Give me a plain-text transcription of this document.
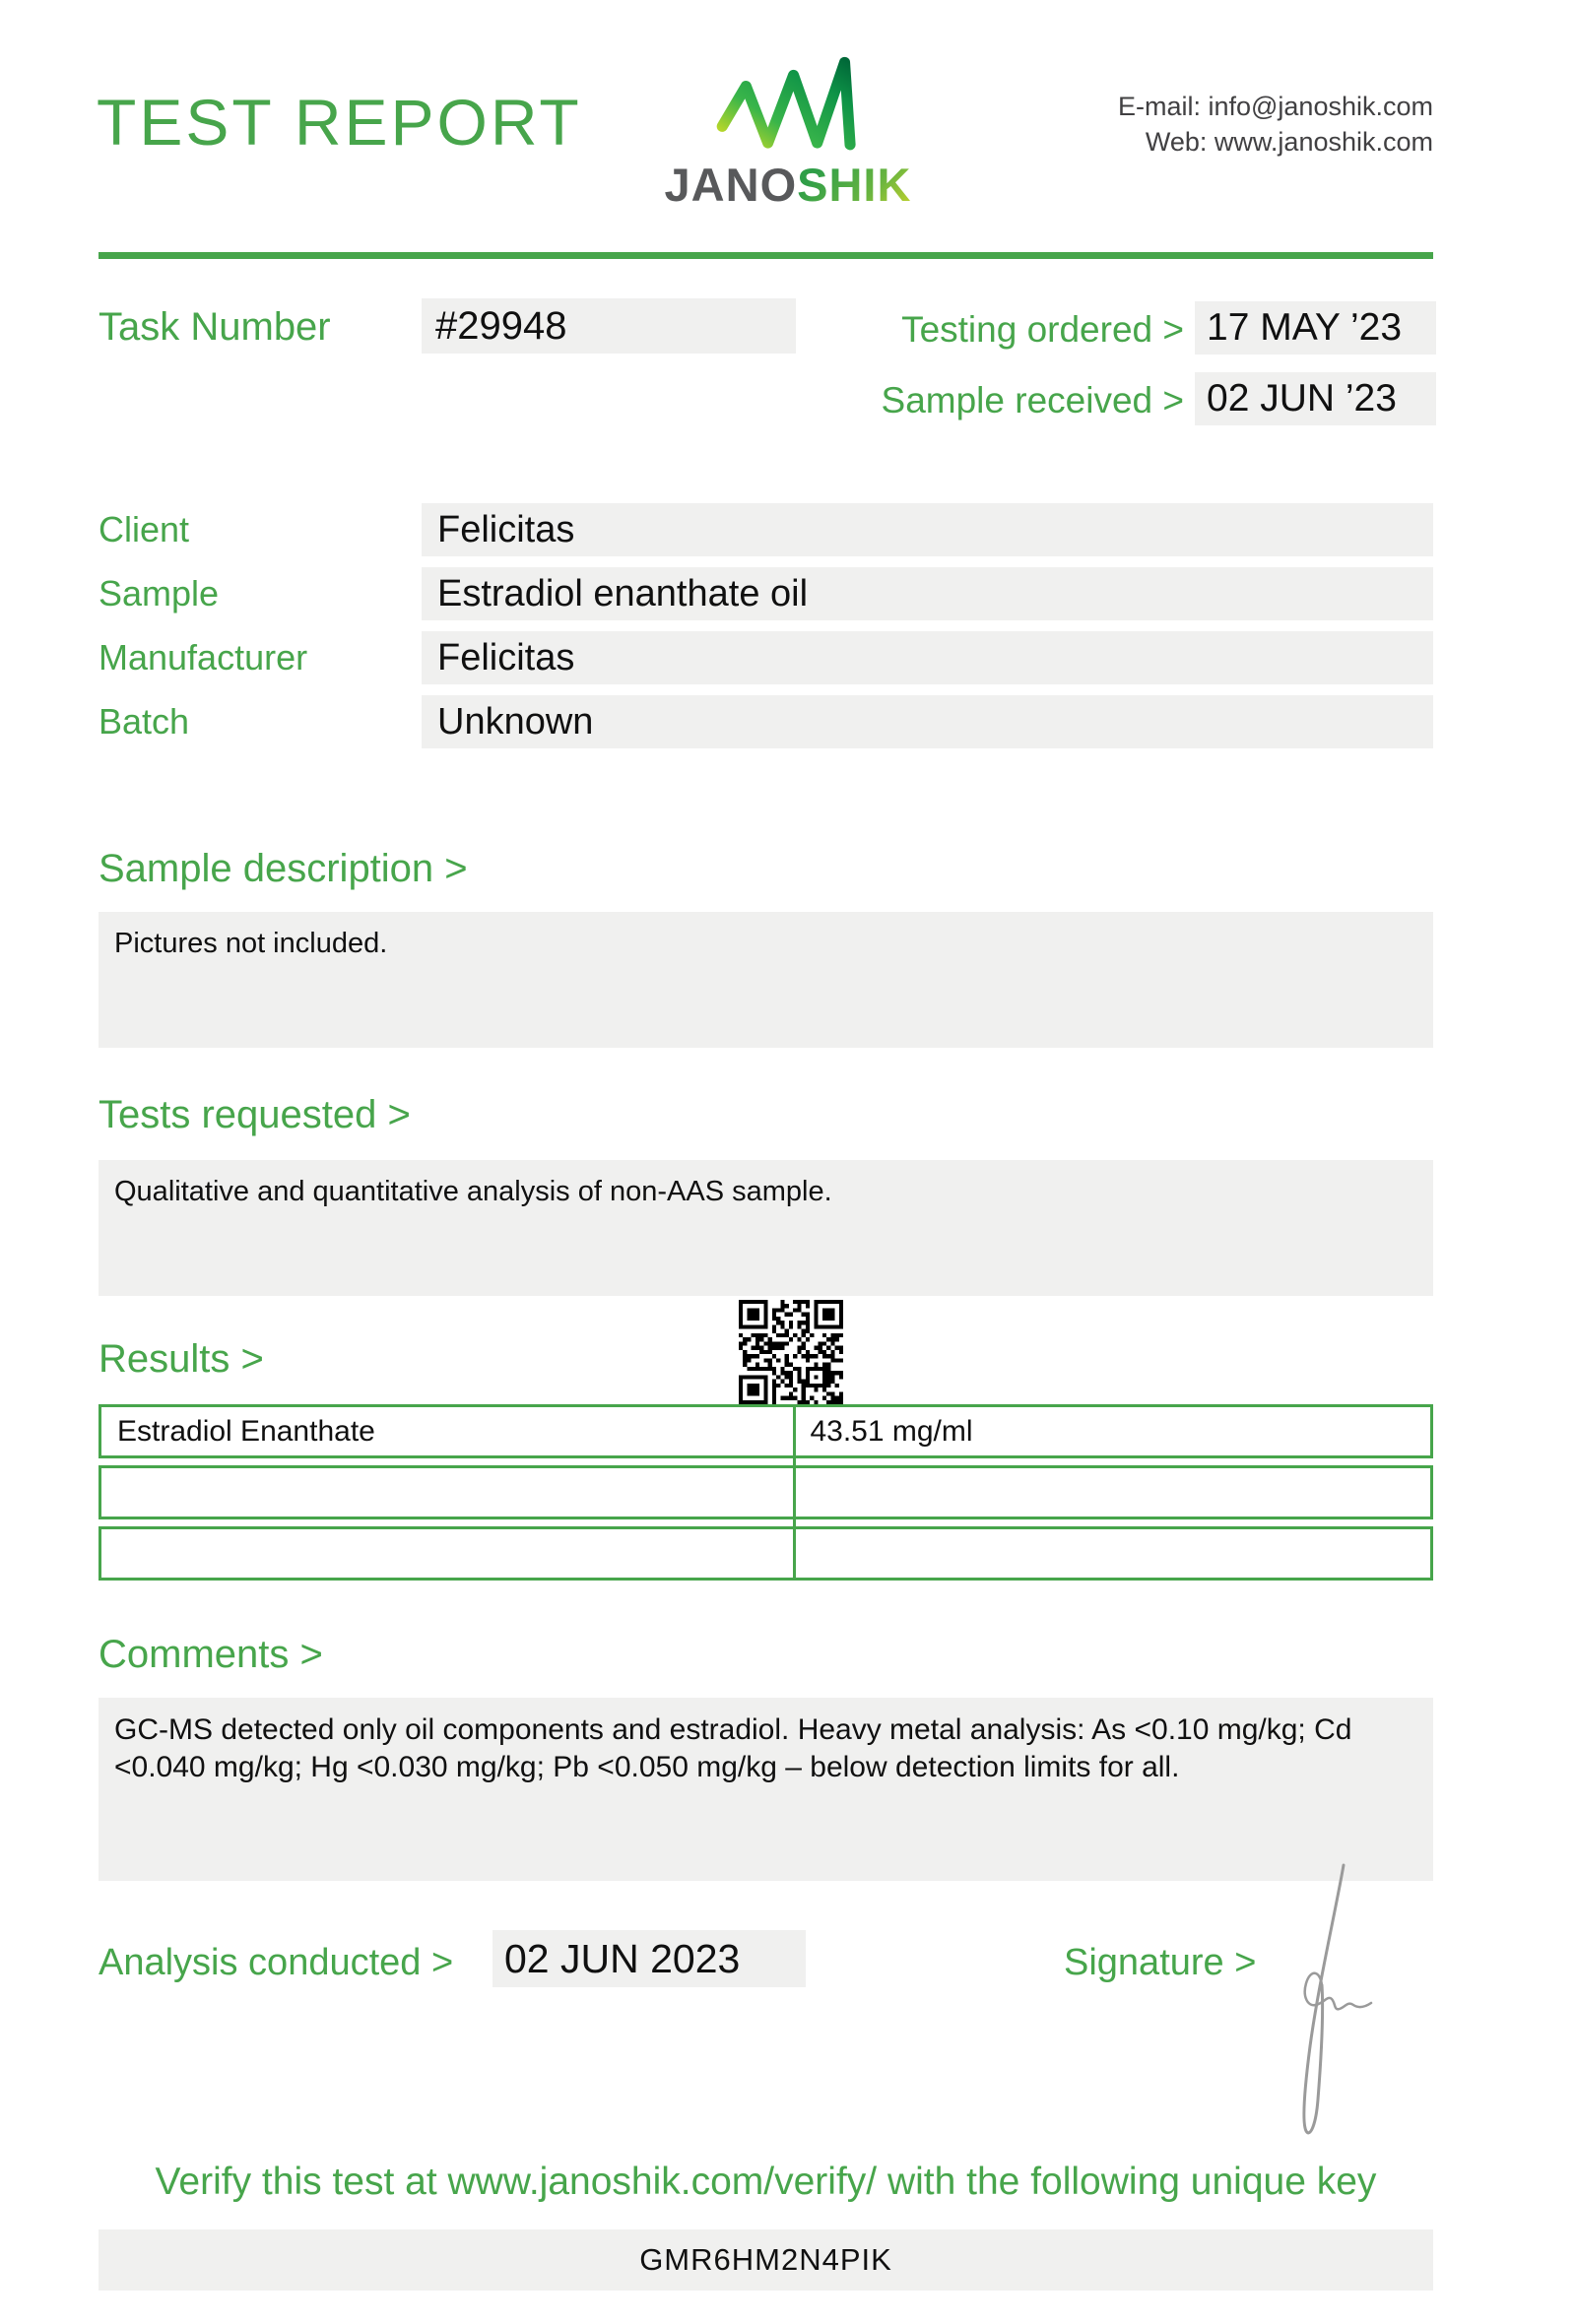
TEST REPORT
JANOSHIK
E-mail: info@janoshik.com
Web: www.janoshik.com
Task Number	#29948	Testing ordered > 17 MAY ’23
Sample received > 02 JUN ’23
Client	Felicitas
Sample	Estradiol enanthate oil
Manufacturer	Felicitas
Batch	Unknown
Sample description >
Pictures not included.
Tests requested >
Qualitative and quantitative analysis of non-AAS sample.
Results >
Estradiol Enanthate	43.51 mg/ml
Comments >
GC-MS detected only oil components and estradiol. Heavy metal analysis: As <0.10 mg/kg; Cd <0.040 mg/kg; Hg <0.030 mg/kg; Pb <0.050 mg/kg – below detection limits for all.
Analysis conducted > 02 JUN 2023	Signature >
Verify this test at www.janoshik.com/verify/ with the following unique key
GMR6HM2N4PIK
